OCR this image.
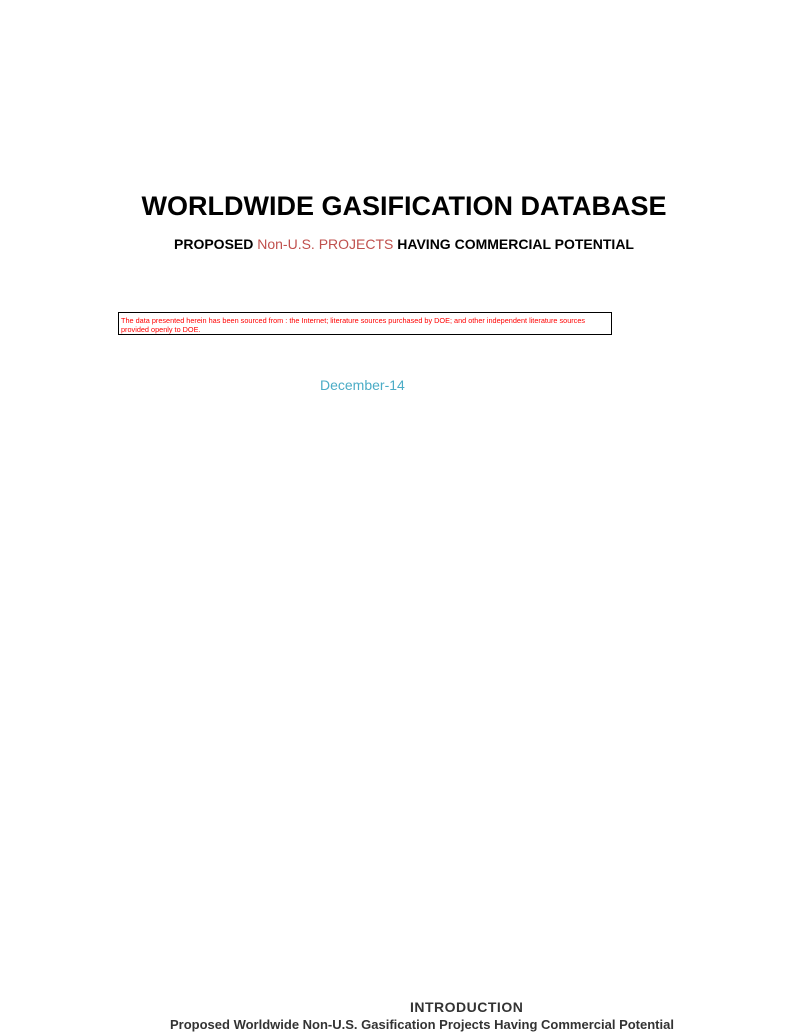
WORLDWIDE GASIFICATION DATABASE

PROPOSED Non-U.S. PROJECTS HAVING COMMERCIAL POTENTIAL

The data presented herein has been sourced from : the Internet; literature sources purchased by DOE; and other independent literature sources provided openly to DOE.
December-14
INTRODUCTION
Proposed Worldwide Non-U.S. Gasification Projects Having Commercial Potential
